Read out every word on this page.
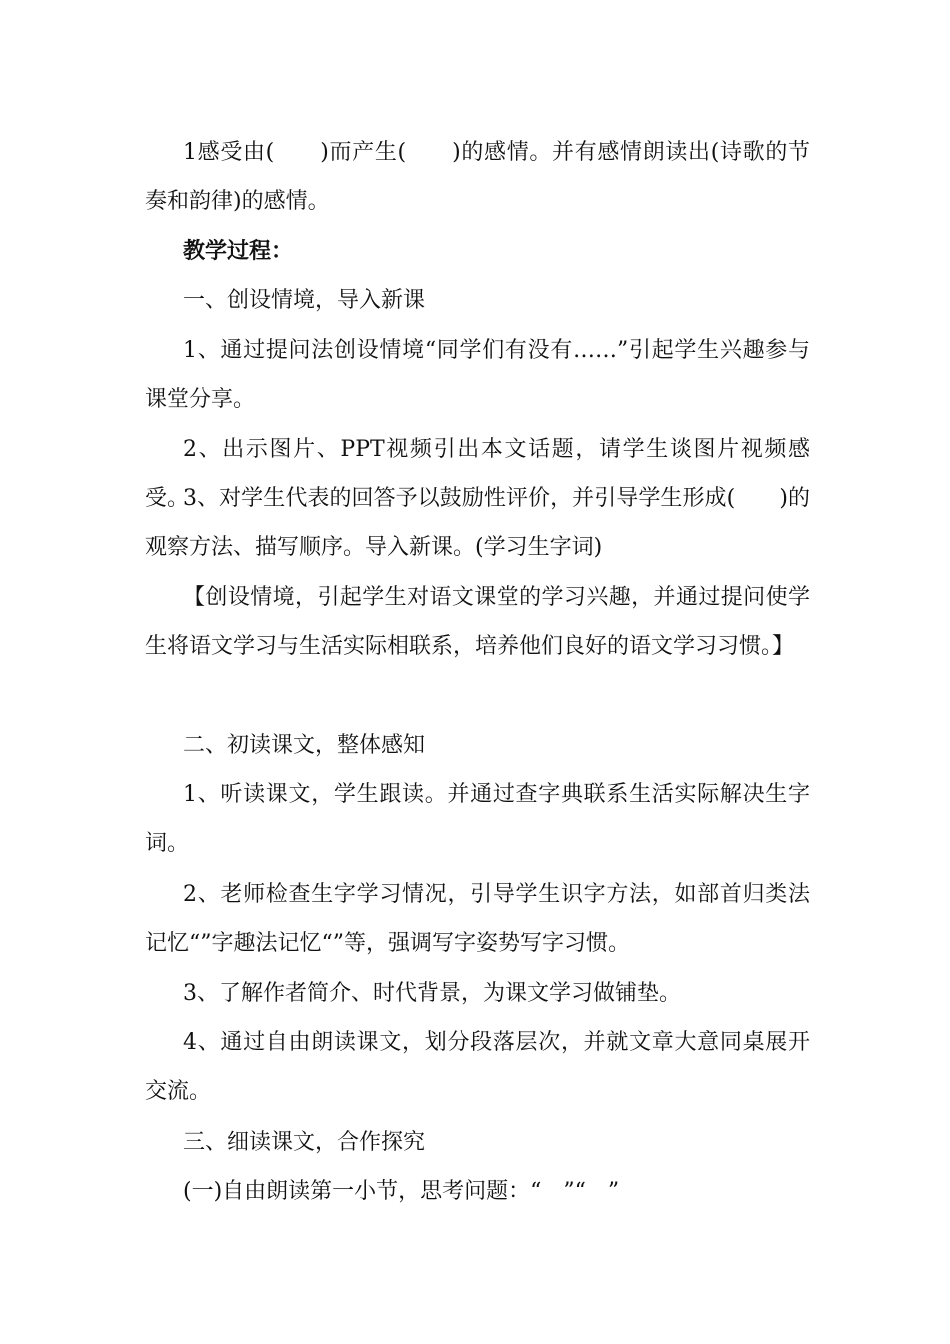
1感受由(　　)而产生(　　)的感情。并有感情朗读出(诗歌的节奏和韵律)的感情。

教学过程：

一、创设情境，导入新课

1、通过提问法创设情境“同学们有没有……”引起学生兴趣参与课堂分享。

2、出示图片、PPT视频引出本文话题，请学生谈图片视频感受。

3、对学生代表的回答予以鼓励性评价，并引导学生形成(　　)的观察方法、描写顺序。导入新课。(学习生字词)

【创设情境，引起学生对语文课堂的学习兴趣，并通过提问使学生将语文学习与生活实际相联系，培养他们良好的语文学习习惯。】

二、初读课文，整体感知

1、听读课文，学生跟读。并通过查字典联系生活实际解决生字词。

2、老师检查生字学习情况，引导学生识字方法，如部首归类法记忆“”字趣法记忆“”等，强调写字姿势写字习惯。

3、了解作者简介、时代背景，为课文学习做铺垫。

4、通过自由朗读课文，划分段落层次，并就文章大意同桌展开交流。

三、细读课文，合作探究

(一)自由朗读第一小节，思考问题：“　”“　”
